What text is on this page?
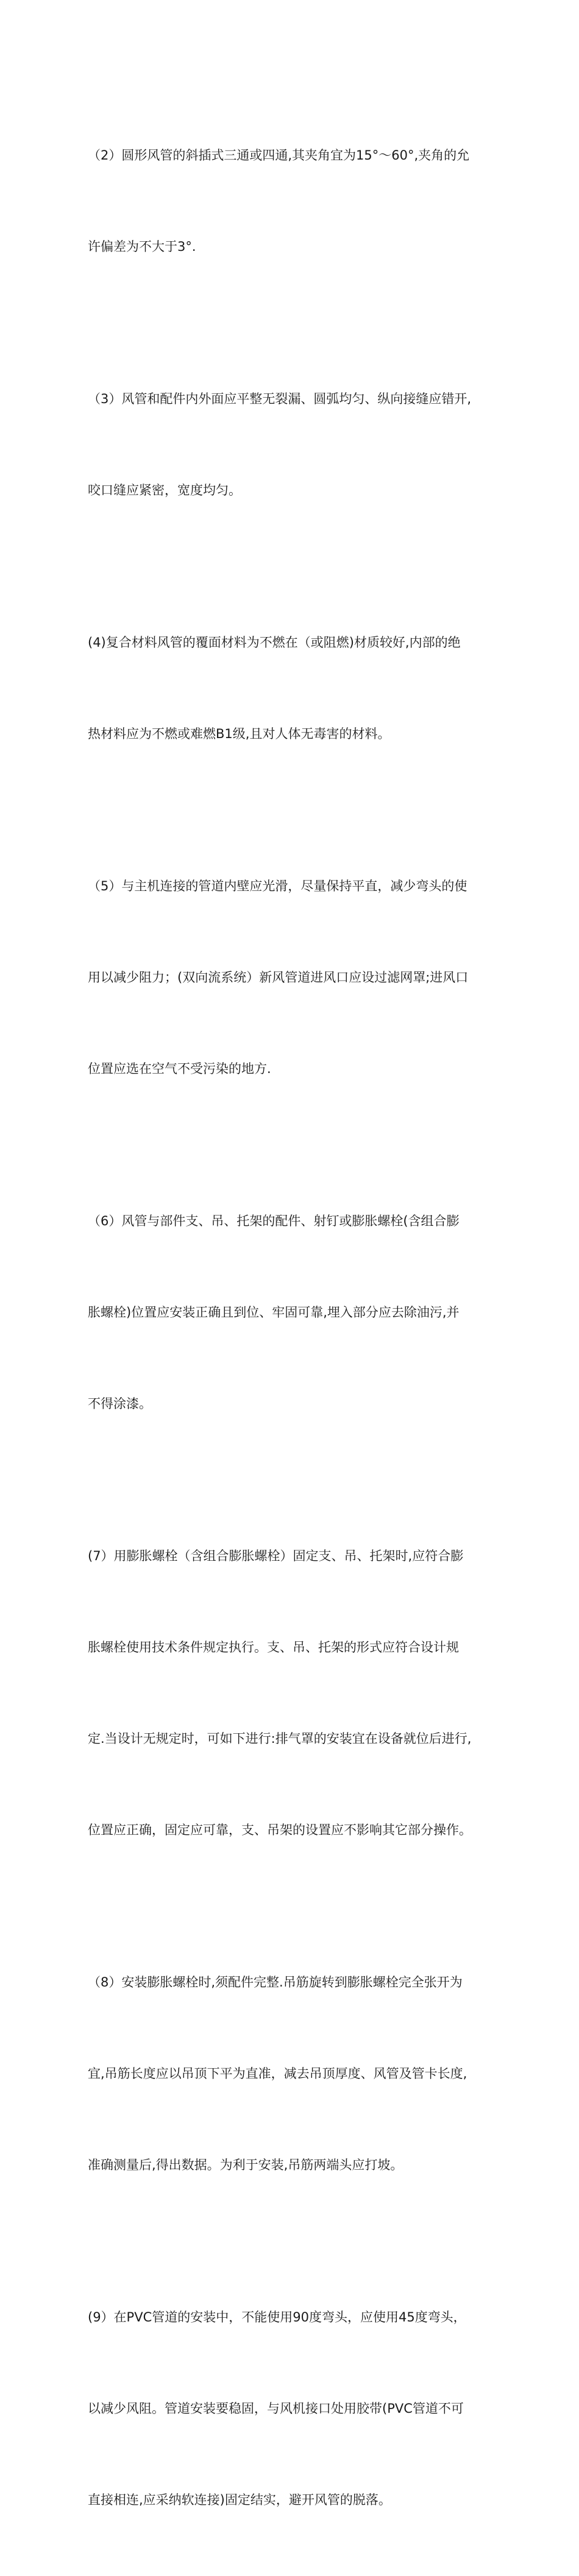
（2）圆形风管的斜插式三通或四通,其夹角宜为15°～60°,夹角的允

许偏差为不大于3°.

（3）风管和配件内外面应平整无裂漏、圆弧均匀、纵向接缝应错开,

咬口缝应紧密，宽度均匀。

(4)复合材料风管的覆面材料为不燃在（或阻燃)材质较好,内部的绝

热材料应为不燃或难燃B1级,且对人体无毒害的材料。

（5）与主机连接的管道内壁应光滑，尽量保持平直，减少弯头的使

用以减少阻力；(双向流系统）新风管道进风口应设过滤网罩;进风口

位置应选在空气不受污染的地方.

（6）风管与部件支、吊、托架的配件、射钉或膨胀螺栓(含组合膨

胀螺栓)位置应安装正确且到位、牢固可靠,埋入部分应去除油污,并

不得涂漆。

(7）用膨胀螺栓（含组合膨胀螺栓）固定支、吊、托架时,应符合膨

胀螺栓使用技术条件规定执行。支、吊、托架的形式应符合设计规

定.当设计无规定时，可如下进行:排气罩的安装宜在设备就位后进行,

位置应正确，固定应可靠，支、吊架的设置应不影响其它部分操作。

（8）安装膨胀螺栓时,须配件完整.吊筋旋转到膨胀螺栓完全张开为

宜,吊筋长度应以吊顶下平为直准，减去吊顶厚度、风管及管卡长度,

准确测量后,得出数据。为利于安装,吊筋两端头应打坡。

(9）在PVC管道的安装中，不能使用90度弯头，应使用45度弯头，

以减少风阻。管道安装要稳固，与风机接口处用胶带(PVC管道不可

直接相连,应采纳软连接)固定结实，避开风管的脱落。
